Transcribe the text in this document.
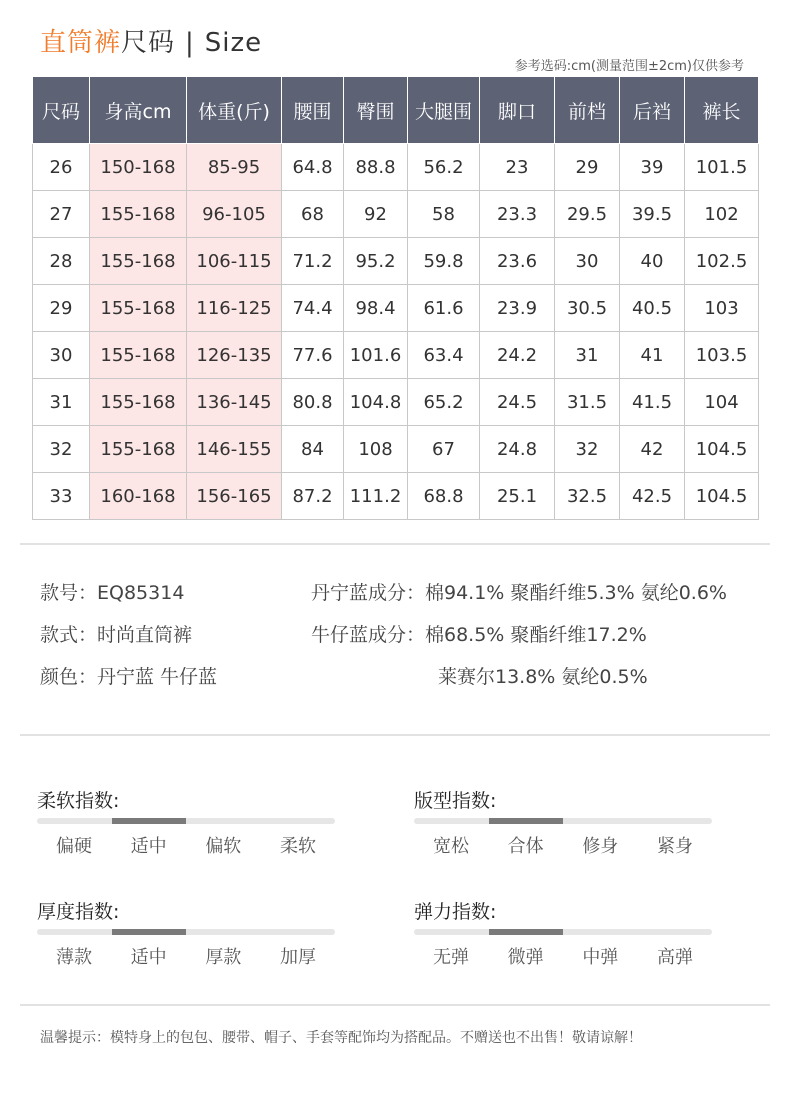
直筒裤尺码 | Size
参考选码:cm(测量范围±2cm)仅供参考
尺码	身高cm	体重(斤)	腰围	臀围	大腿围	脚口	前档	后裆	裤长
26	150-168	85-95	64.8	88.8	56.2	23	29	39	101.5
27	155-168	96-105	68	92	58	23.3	29.5	39.5	102
28	155-168	106-115	71.2	95.2	59.8	23.6	30	40	102.5
29	155-168	116-125	74.4	98.4	61.6	23.9	30.5	40.5	103
30	155-168	126-135	77.6	101.6	63.4	24.2	31	41	103.5
31	155-168	136-145	80.8	104.8	65.2	24.5	31.5	41.5	104
32	155-168	146-155	84	108	67	24.8	32	42	104.5
33	160-168	156-165	87.2	111.2	68.8	25.1	32.5	42.5	104.5
款号：EQ85314
款式：时尚直筒裤
颜色：丹宁蓝 牛仔蓝
丹宁蓝成分：棉94.1% 聚酯纤维5.3% 氨纶0.6%
牛仔蓝成分：棉68.5% 聚酯纤维17.2%
莱赛尔13.8% 氨纶0.5%
柔软指数:
偏硬	适中	偏软	柔软
版型指数:
宽松	合体	修身	紧身
厚度指数:
薄款	适中	厚款	加厚
弹力指数:
无弹	微弹	中弹	高弹
温馨提示：模特身上的包包、腰带、帽子、手套等配饰均为搭配品。不赠送也不出售！敬请谅解！
